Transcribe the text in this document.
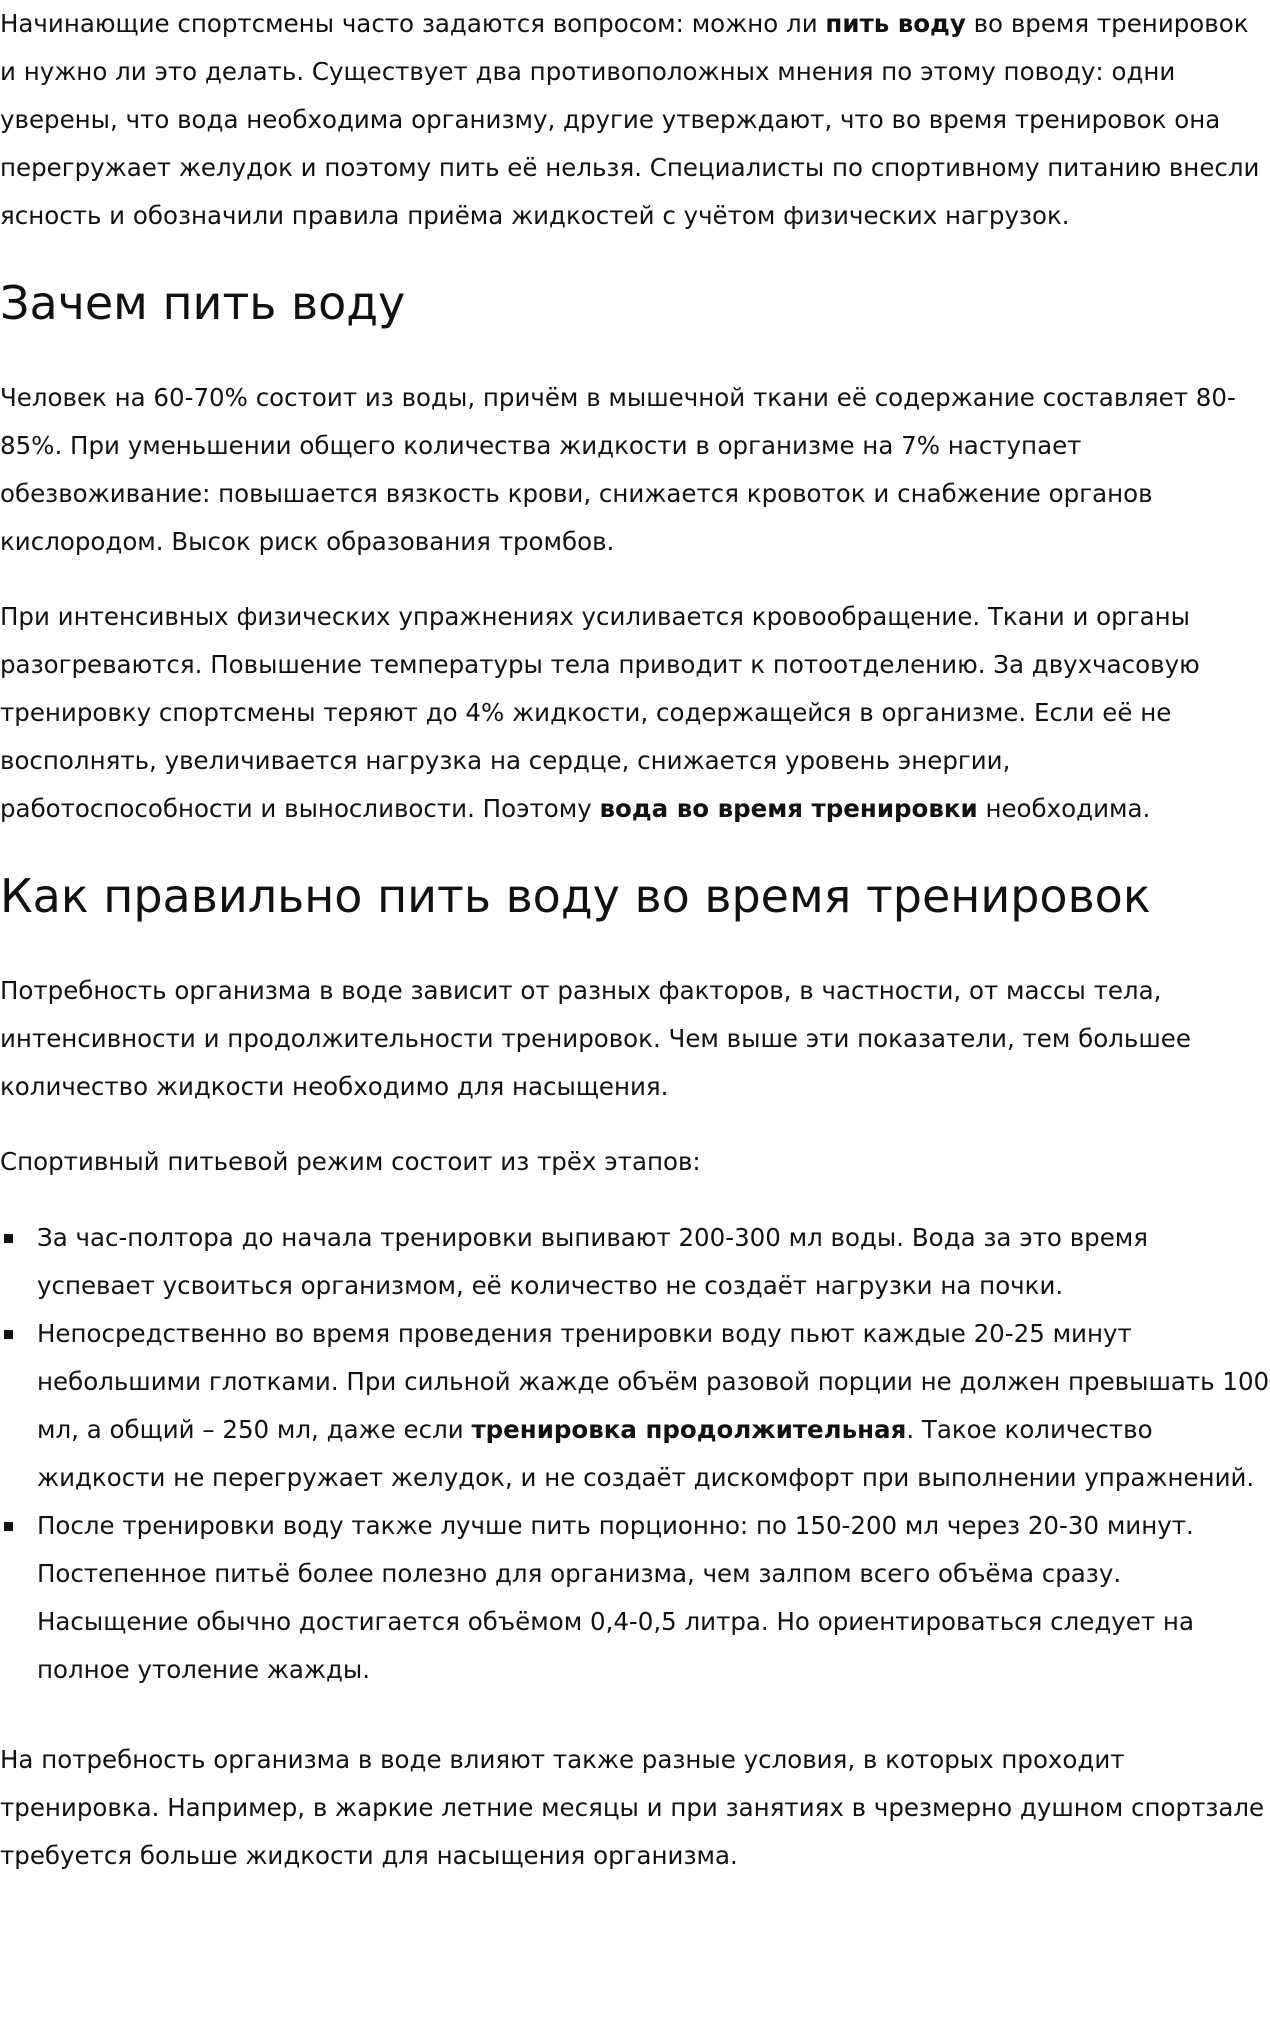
Начинающие спортсмены часто задаются вопросом: можно ли пить воду во время тренировок и нужно ли это делать. Существует два противоположных мнения по этому поводу: одни уверены, что вода необходима организму, другие утверждают, что во время тренировок она перегружает желудок и поэтому пить её нельзя. Специалисты по спортивному питанию внесли ясность и обозначили правила приёма жидкостей с учётом физических нагрузок.

Зачем пить воду

Человек на 60-70% состоит из воды, причём в мышечной ткани её содержание составляет 80-85%. При уменьшении общего количества жидкости в организме на 7% наступает обезвоживание: повышается вязкость крови, снижается кровоток и снабжение органов кислородом. Высок риск образования тромбов.

При интенсивных физических упражнениях усиливается кровообращение. Ткани и органы разогреваются. Повышение температуры тела приводит к потоотделению. За двухчасовую тренировку спортсмены теряют до 4% жидкости, содержащейся в организме. Если её не восполнять, увеличивается нагрузка на сердце, снижается уровень энергии, работоспособности и выносливости. Поэтому вода во время тренировки необходима.

Как правильно пить воду во время тренировок

Потребность организма в воде зависит от разных факторов, в частности, от массы тела, интенсивности и продолжительности тренировок. Чем выше эти показатели, тем большее количество жидкости необходимо для насыщения.

Спортивный питьевой режим состоит из трёх этапов:

За час-полтора до начала тренировки выпивают 200-300 мл воды. Вода за это время успевает усвоиться организмом, её количество не создаёт нагрузки на почки.
Непосредственно во время проведения тренировки воду пьют каждые 20-25 минут небольшими глотками. При сильной жажде объём разовой порции не должен превышать 100 мл, а общий – 250 мл, даже если тренировка продолжительная. Такое количество жидкости не перегружает желудок, и не создаёт дискомфорт при выполнении упражнений.
После тренировки воду также лучше пить порционно: по 150-200 мл через 20-30 минут. Постепенное питьё более полезно для организма, чем залпом всего объёма сразу. Насыщение обычно достигается объёмом 0,4-0,5 литра. Но ориентироваться следует на полное утоление жажды.

На потребность организма в воде влияют также разные условия, в которых проходит тренировка. Например, в жаркие летние месяцы и при занятиях в чрезмерно душном спортзале требуется больше жидкости для насыщения организма.
